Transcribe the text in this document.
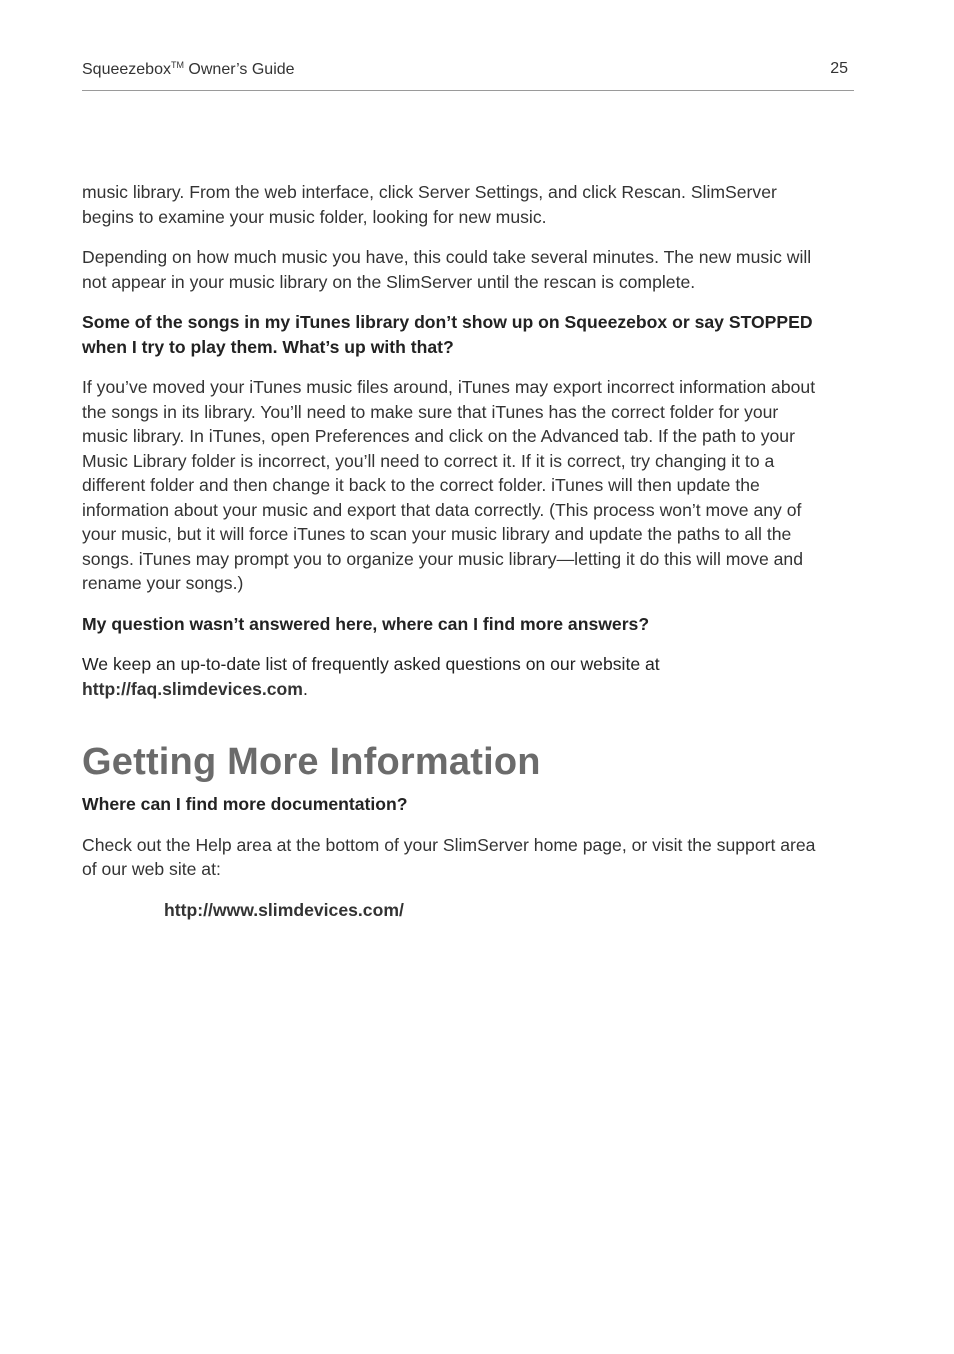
Squeezebox™ Owner’s Guide	25

music library. From the web interface, click Server Settings, and click Rescan. SlimServer begins to examine your music folder, looking for new music.

Depending on how much music you have, this could take several minutes. The new music will not appear in your music library on the SlimServer until the rescan is complete.

Some of the songs in my iTunes library don’t show up on Squeezebox or say STOPPED when I try to play them. What’s up with that?

If you’ve moved your iTunes music files around, iTunes may export incorrect information about the songs in its library. You’ll need to make sure that iTunes has the correct folder for your music library. In iTunes, open Preferences and click on the Advanced tab. If the path to your Music Library folder is incorrect, you’ll need to correct it. If it is correct, try changing it to a different folder and then change it back to the correct folder. iTunes will then update the information about your music and export that data correctly. (This process won’t move any of your music, but it will force iTunes to scan your music library and update the paths to all the songs. iTunes may prompt you to organize your music library—letting it do this will move and rename your songs.)

My question wasn’t answered here, where can I find more answers?

We keep an up-to-date list of frequently asked questions on our website at
http://faq.slimdevices.com.

Getting More Information

Where can I find more documentation?

Check out the Help area at the bottom of your SlimServer home page, or visit the support area of our web site at:

http://www.slimdevices.com/
